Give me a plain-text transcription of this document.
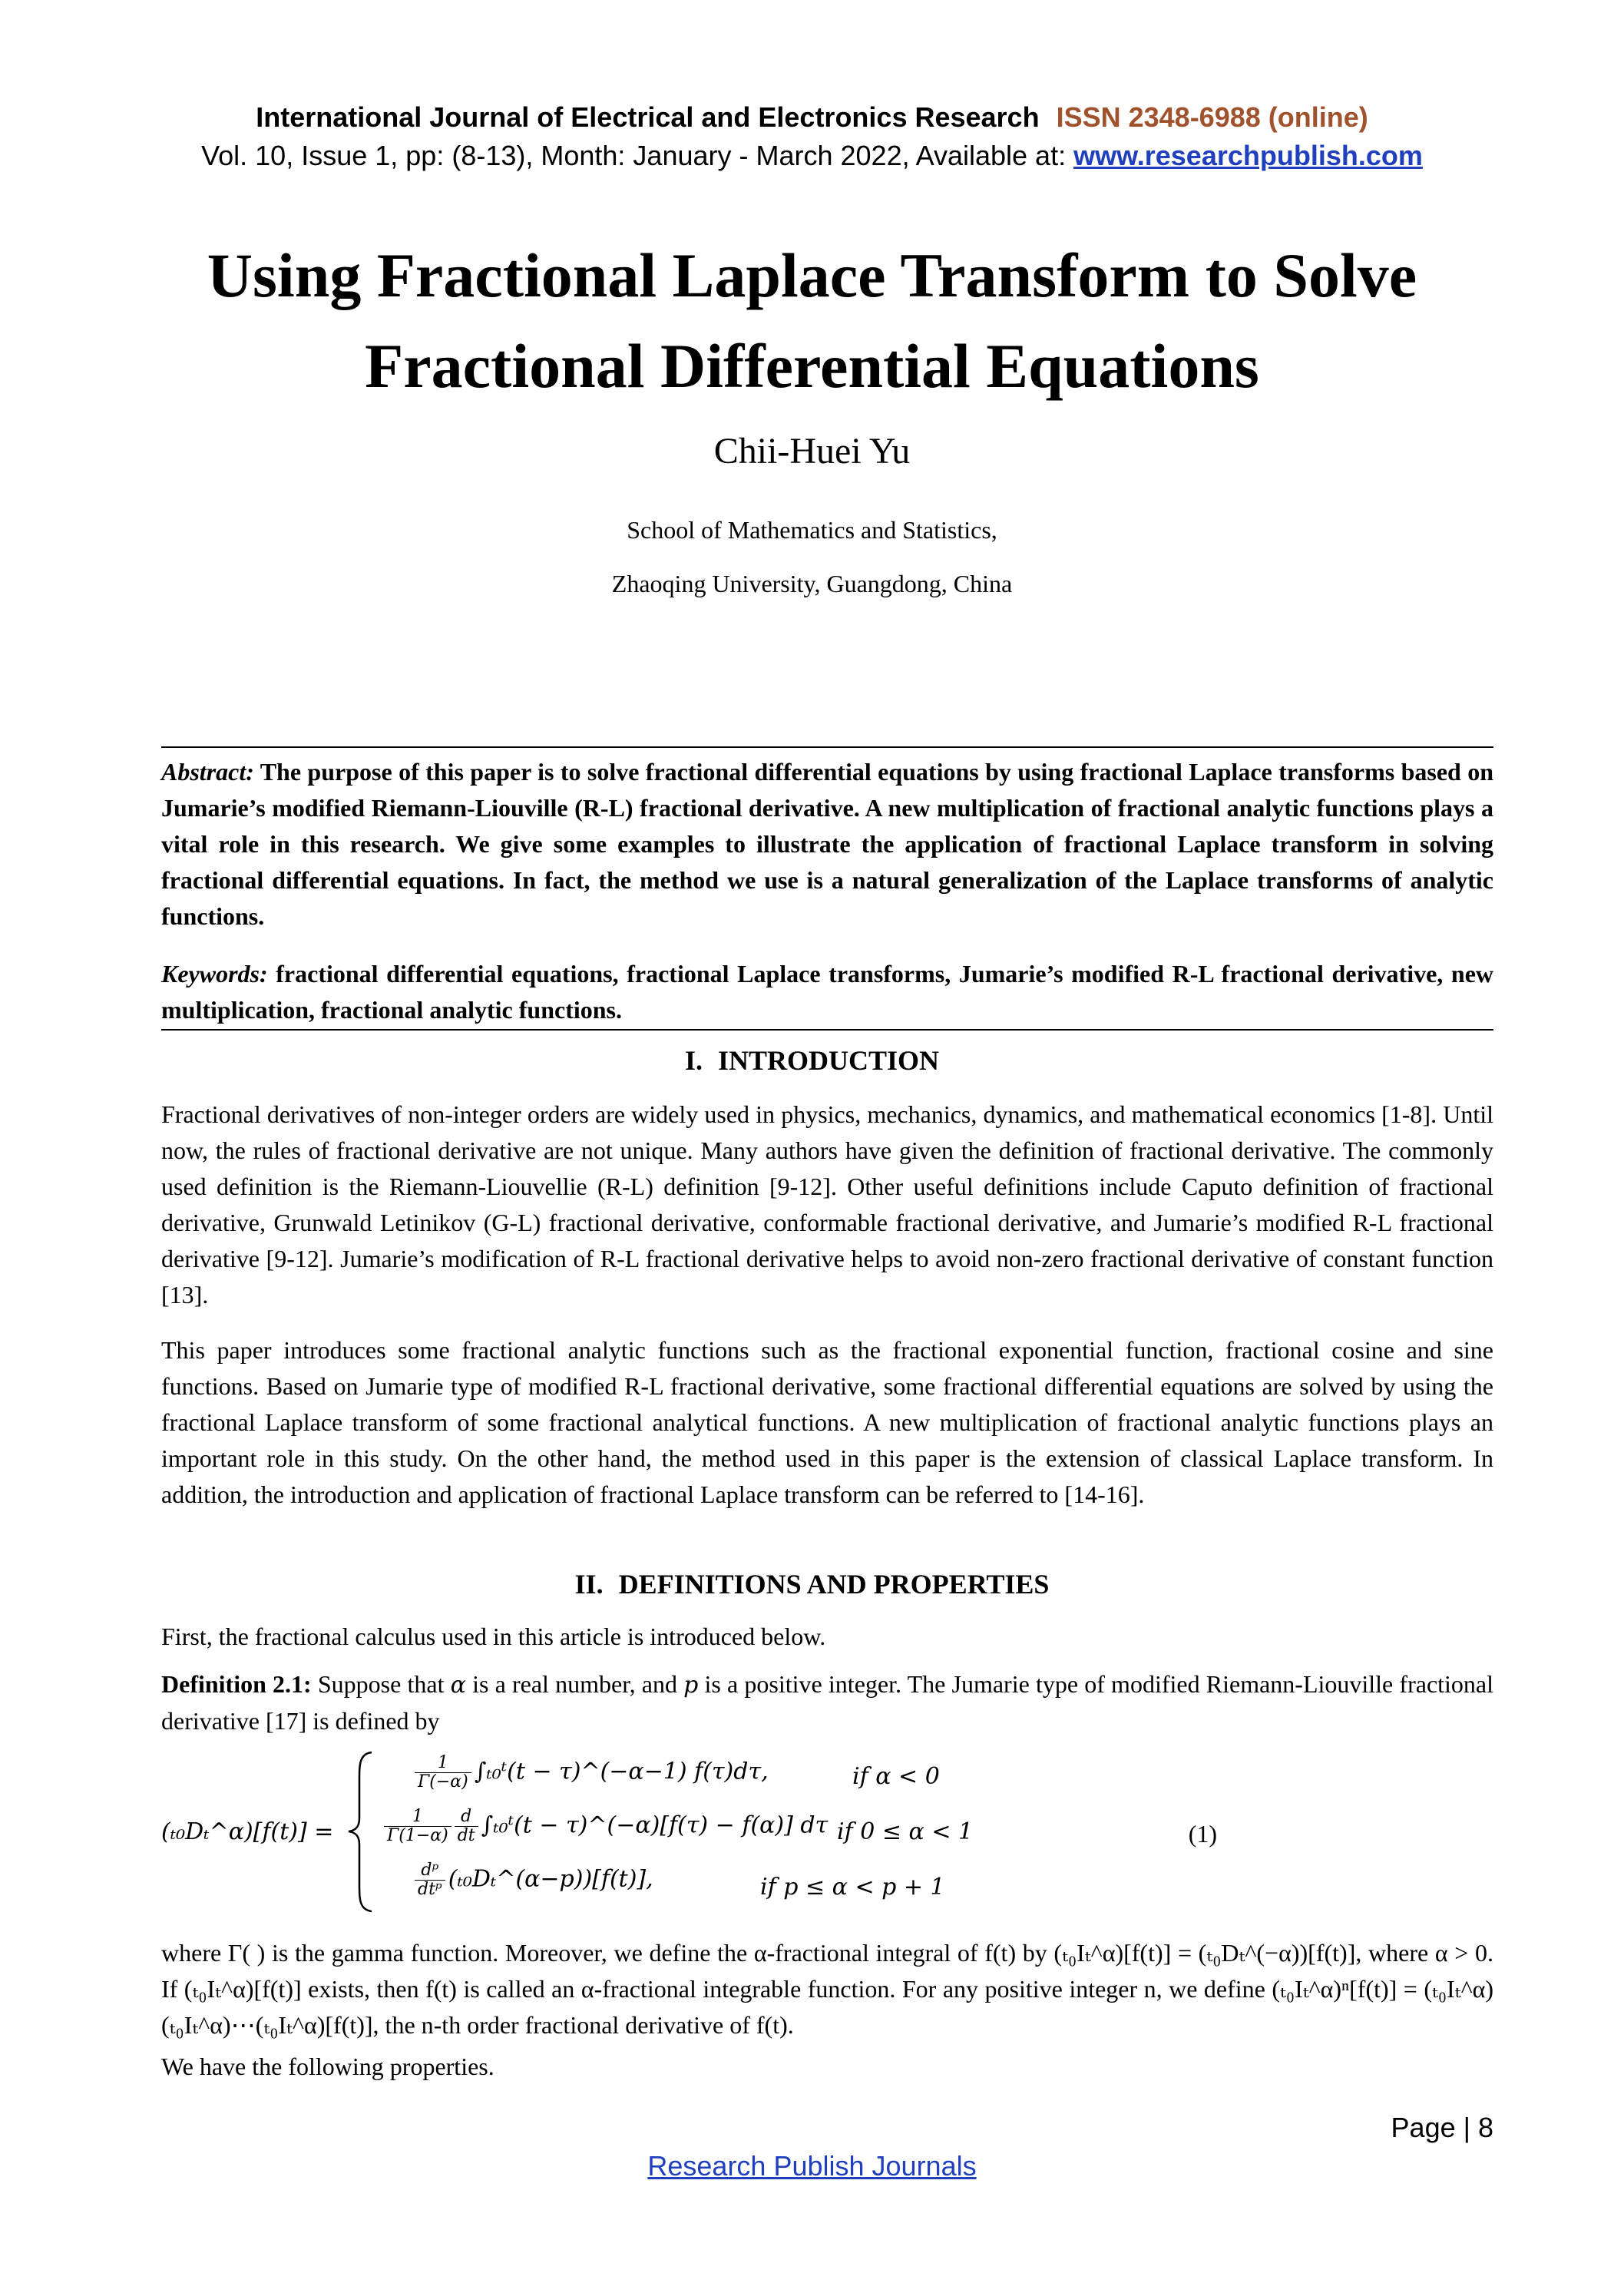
International Journal of Electrical and Electronics Research ISSN 2348-6988 (online)
Vol. 10, Issue 1, pp: (8-13), Month: January - March 2022, Available at: www.researchpublish.com
Using Fractional Laplace Transform to Solve
Fractional Differential Equations
Chii-Huei Yu
School of Mathematics and Statistics,
Zhaoqing University, Guangdong, China
Abstract: The purpose of this paper is to solve fractional differential equations by using fractional Laplace transforms based on Jumarie’s modified Riemann-Liouville (R-L) fractional derivative. A new multiplication of fractional analytic functions plays a vital role in this research. We give some examples to illustrate the application of fractional Laplace transform in solving fractional differential equations. In fact, the method we use is a natural generalization of the Laplace transforms of analytic functions.
Keywords: fractional differential equations, fractional Laplace transforms, Jumarie’s modified R-L fractional derivative, new multiplication, fractional analytic functions.
I. INTRODUCTION
Fractional derivatives of non-integer orders are widely used in physics, mechanics, dynamics, and mathematical economics [1-8]. Until now, the rules of fractional derivative are not unique. Many authors have given the definition of fractional derivative. The commonly used definition is the Riemann-Liouvellie (R-L) definition [9-12]. Other useful definitions include Caputo definition of fractional derivative, Grunwald Letinikov (G-L) fractional derivative, conformable fractional derivative, and Jumarie’s modified R-L fractional derivative [9-12]. Jumarie’s modification of R-L fractional derivative helps to avoid non-zero fractional derivative of constant function [13].
This paper introduces some fractional analytic functions such as the fractional exponential function, fractional cosine and sine functions. Based on Jumarie type of modified R-L fractional derivative, some fractional differential equations are solved by using the fractional Laplace transform of some fractional analytical functions. A new multiplication of fractional analytic functions plays an important role in this study. On the other hand, the method used in this paper is the extension of classical Laplace transform. In addition, the introduction and application of fractional Laplace transform can be referred to [14-16].
II. DEFINITIONS AND PROPERTIES
First, the fractional calculus used in this article is introduced below.
Definition 2.1: Suppose that α is a real number, and p is a positive integer. The Jumarie type of modified Riemann-Liouville fractional derivative [17] is defined by
(ₜ₀Dₜ^α)[f(t)] =
$\frac{1}{\Gamma(-\alpha)}$ ∫ₜ₀ᵗ(t − τ)^(−α−1) f(τ)dτ,	if α < 0
$\frac{1}{\Gamma(1-\alpha)} \frac{d}{dt}$ ∫ₜ₀ᵗ(t − τ)^(−α)[f(τ) − f(α)] dτ if 0 ≤ α < 1
$\frac{\text{dᵖ}}{\text{dtᵖ}}$ (ₜ₀Dₜ^(α−p))[f(t)],	if p ≤ α < p + 1
(1)
where Γ( ) is the gamma function. Moreover, we define the α-fractional integral of f(t) by (ₜ₀Iₜ^α)[f(t)] = (ₜ₀Dₜ^(−α))[f(t)], where α > 0. If (ₜ₀Iₜ^α)[f(t)] exists, then f(t) is called an α-fractional integrable function. For any positive integer n, we define (ₜ₀Iₜ^α)ⁿ[f(t)] = (ₜ₀Iₜ^α)(ₜ₀Iₜ^α)⋯(ₜ₀Iₜ^α)[f(t)], the n-th order fractional derivative of f(t).
We have the following properties.
Page | 8
Research Publish Journals
